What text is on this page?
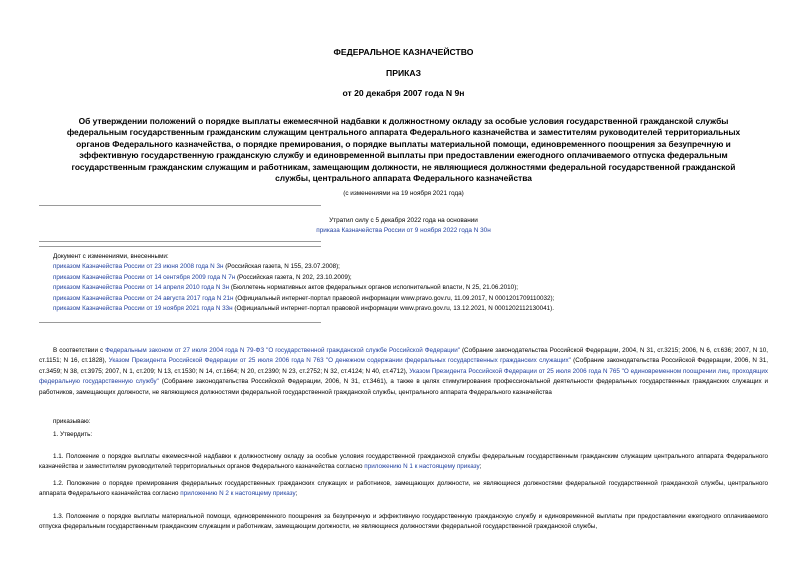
ФЕДЕРАЛЬНОЕ КАЗНАЧЕЙСТВО
ПРИКАЗ
от 20 декабря 2007 года N 9н
Об утверждении положений о порядке выплаты ежемесячной надбавки к должностному окладу за особые условия государственной гражданской службы
федеральным государственным гражданским служащим центрального аппарата Федерального казначейства и заместителям руководителей территориальных
органов Федерального казначейства, о порядке премирования, о порядке выплаты материальной помощи, единовременного поощрения за безупречную и
эффективную государственную гражданскую службу и единовременной выплаты при предоставлении ежегодного оплачиваемого отпуска федеральным
государственным гражданским служащим и работникам, замещающим должности, не являющиеся должностями федеральной государственной гражданской
службы, центрального аппарата Федерального казначейства
(с изменениями на 19 ноября 2021 года)
Утратил силу с 5 декабря 2022 года на основании
приказа Казначейства России от 9 ноября 2022 года N 30н
Документ с изменениями, внесенными:
приказом Казначейства России от 23 июня 2008 года N 3н (Российская газета, N 155, 23.07.2008);
приказом Казначейства России от 14 сентября 2009 года N 7н (Российская газета, N 202, 23.10.2009);
приказом Казначейства России от 14 апреля 2010 года N 3н (Бюллетень нормативных актов федеральных органов исполнительной власти, N 25, 21.06.2010);
приказом Казначейства России от 24 августа 2017 года N 21н (Официальный интернет-портал правовой информации www.pravo.gov.ru, 11.09.2017, N 0001201709110032);
приказом Казначейства России от 19 ноября 2021 года N 33н (Официальный интернет-портал правовой информации www.pravo.gov.ru, 13.12.2021, N 0001202112130041).
В соответствии с Федеральным законом от 27 июля 2004 года N 79-ФЗ "О государственной гражданской службе Российской Федерации" (Собрание законодательства Российской Федерации, 2004, N 31, ст.3215; 2006, N 6, ст.636; 2007, N 10, ст.1151; N 16, ст.1828), Указом Президента Российской Федерации от 25 июля 2006 года N 763 "О денежном содержании федеральных государственных гражданских служащих" (Собрание законодательства Российской Федерации, 2006, N 31, ст.3459; N 38, ст.3975; 2007, N 1, ст.209; N 13, ст.1530; N 14, ст.1664; N 20, ст.2390; N 23, ст.2752; N 32, ст.4124; N 40, ст.4712), Указом Президента Российской Федерации от 25 июля 2006 года N 765 "О единовременном поощрении лиц, проходящих федеральную государственную службу" (Собрание законодательства Российской Федерации, 2006, N 31, ст.3461), а также в целях стимулирования профессиональной деятельности федеральных государственных гражданских служащих и работников, замещающих должности, не являющиеся должностями федеральной государственной гражданской службы, центрального аппарата Федерального казначейства
приказываю:
1. Утвердить:
1.1. Положение о порядке выплаты ежемесячной надбавки к должностному окладу за особые условия государственной гражданской службы федеральным государственным гражданским служащим центрального аппарата Федерального казначейства и заместителям руководителей территориальных органов Федерального казначейства согласно приложению N 1 к настоящему приказу;
1.2. Положение о порядке премирования федеральных государственных гражданских служащих и работников, замещающих должности, не являющиеся должностями федеральной государственной гражданской службы, центрального аппарата Федерального казначейства согласно приложению N 2 к настоящему приказу;
1.3. Положение о порядке выплаты материальной помощи, единовременного поощрения за безупречную и эффективную государственную гражданскую службу и единовременной выплаты при предоставлении ежегодного оплачиваемого отпуска федеральным государственным гражданским служащим и работникам, замещающим должности, не являющиеся должностями федеральной государственной гражданской службы,
